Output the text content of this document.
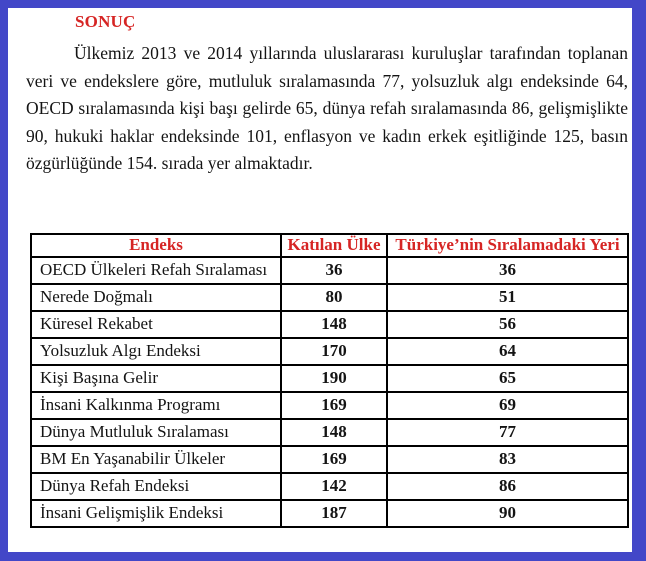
SONUÇ

Ülkemiz 2013 ve 2014 yıllarında uluslararası kuruluşlar tarafından toplanan veri ve endekslere göre, mutluluk sıralamasında 77, yolsuzluk algı endeksinde 64, OECD sıralamasında kişi başı gelirde 65, dünya refah sıralamasında 86, gelişmişlikte 90, hukuki haklar endeksinde 101, enflasyon ve kadın erkek eşitliğinde 125, basın özgürlüğünde 154. sırada yer almaktadır.

Endeks	Katılan Ülke	Türkiye’nin Sıralamadaki Yeri
OECD Ülkeleri Refah Sıralaması	36	36
Nerede Doğmalı	80	51
Küresel Rekabet	148	56
Yolsuzluk Algı Endeksi	170	64
Kişi Başına Gelir	190	65
İnsani Kalkınma Programı	169	69
Dünya Mutluluk Sıralaması	148	77
BM En Yaşanabilir Ülkeler	169	83
Dünya Refah Endeksi	142	86
İnsani Gelişmişlik Endeksi	187	90
